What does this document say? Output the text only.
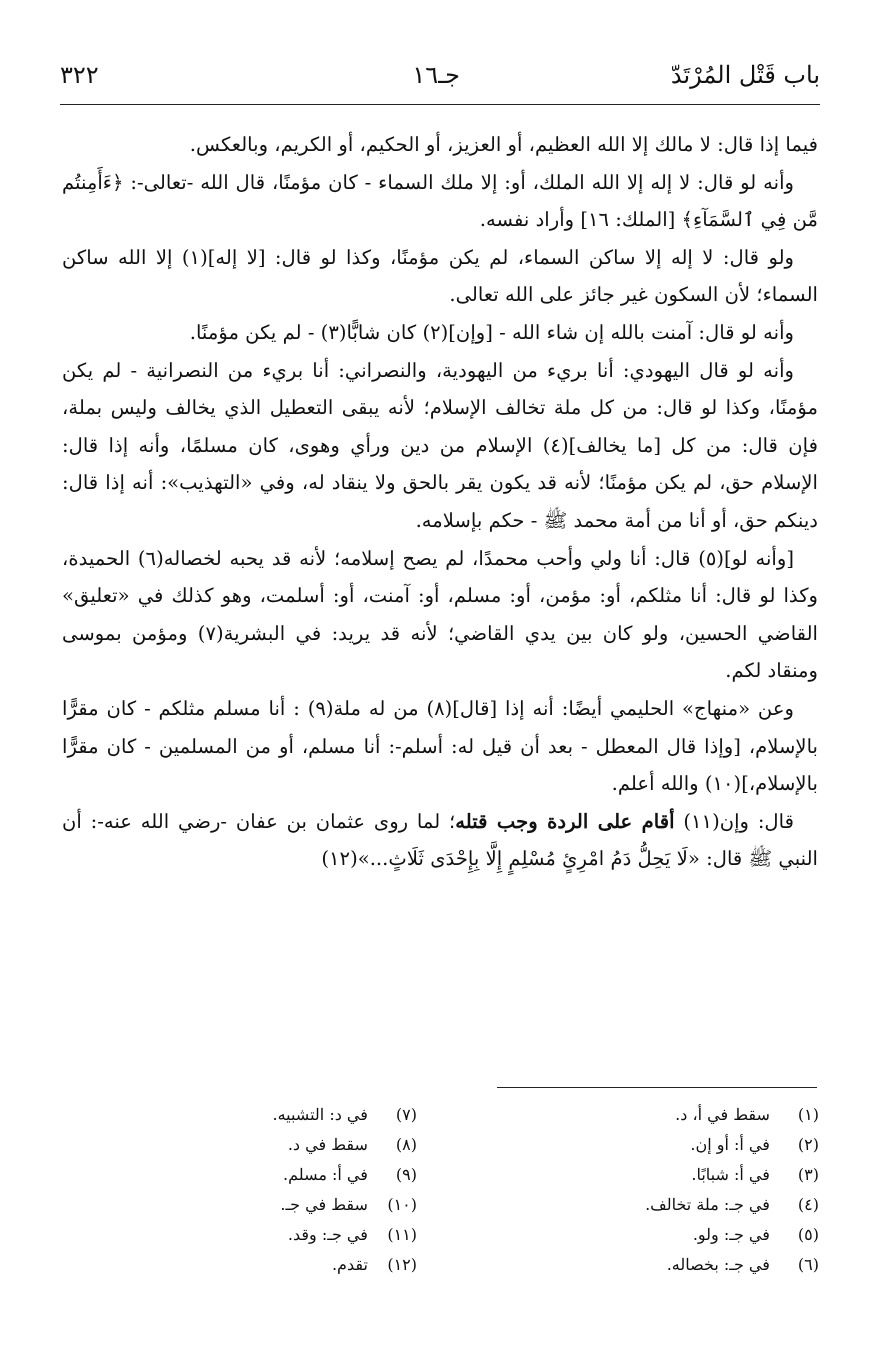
باب قَتْل المُرْتَدّ
جـ١٦
٣٢٢

فيما إذا قال: لا مالك إلا الله العظيم، أو العزيز، أو الحكيم، أو الكريم، وبالعكس.

وأنه لو قال: لا إله إلا الله الملك، أو: إلا ملك السماء - كان مؤمنًا، قال الله -تعالى-: ﴿ءَأَمِنتُم مَّن فِي ٱلسَّمَآءِ﴾ [الملك: ١٦] وأراد نفسه.

ولو قال: لا إله إلا ساكن السماء، لم يكن مؤمنًا، وكذا لو قال: [لا إله](١) إلا الله ساكن السماء؛ لأن السكون غير جائز على الله تعالى.

وأنه لو قال: آمنت بالله إن شاء الله - [وإن](٢) كان شابًّا(٣) - لم يكن مؤمنًا.

وأنه لو قال اليهودي: أنا بريء من اليهودية، والنصراني: أنا بريء من النصرانية - لم يكن مؤمنًا، وكذا لو قال: من كل ملة تخالف الإسلام؛ لأنه يبقى التعطيل الذي يخالف وليس بملة، فإن قال: من كل [ما يخالف](٤) الإسلام من دين ورأي وهوى، كان مسلمًا، وأنه إذا قال: الإسلام حق، لم يكن مؤمنًا؛ لأنه قد يكون يقر بالحق ولا ينقاد له، وفي «التهذيب»: أنه إذا قال: دينكم حق، أو أنا من أمة محمد ﷺ - حكم بإسلامه.

[وأنه لو](٥) قال: أنا ولي وأحب محمدًا، لم يصح إسلامه؛ لأنه قد يحبه لخصاله(٦) الحميدة، وكذا لو قال: أنا مثلكم، أو: مؤمن، أو: مسلم، أو: آمنت، أو: أسلمت، وهو كذلك في «تعليق» القاضي الحسين، ولو كان بين يدي القاضي؛ لأنه قد يريد: في البشرية(٧) ومؤمن بموسى ومنقاد لكم.

وعن «منهاج» الحليمي أيضًا: أنه إذا [قال](٨) من له ملة(٩) : أنا مسلم مثلكم - كان مقرًّا بالإسلام، [وإذا قال المعطل - بعد أن قيل له: أسلم-: أنا مسلم، أو من المسلمين - كان مقرًّا بالإسلام،](١٠) والله أعلم.

قال: وإن(١١) أقام على الردة وجب قتله؛ لما روى عثمان بن عفان -رضي الله عنه-: أن النبي ﷺ قال: «لَا يَحِلُّ دَمُ امْرِئٍ مُسْلِمٍ إِلَّا بِإِحْدَى ثَلَاثٍ...»(١٢)

(١) سقط في أ، د.
(٢) في أ: أو إن.
(٣) في أ: شبابًا.
(٤) في جـ: ملة تخالف.
(٥) في جـ: ولو.
(٦) في جـ: بخصاله.
(٧) في د: التشبيه.
(٨) سقط في د.
(٩) في أ: مسلم.
(١٠) سقط في جـ.
(١١) في جـ: وقد.
(١٢) تقدم.
